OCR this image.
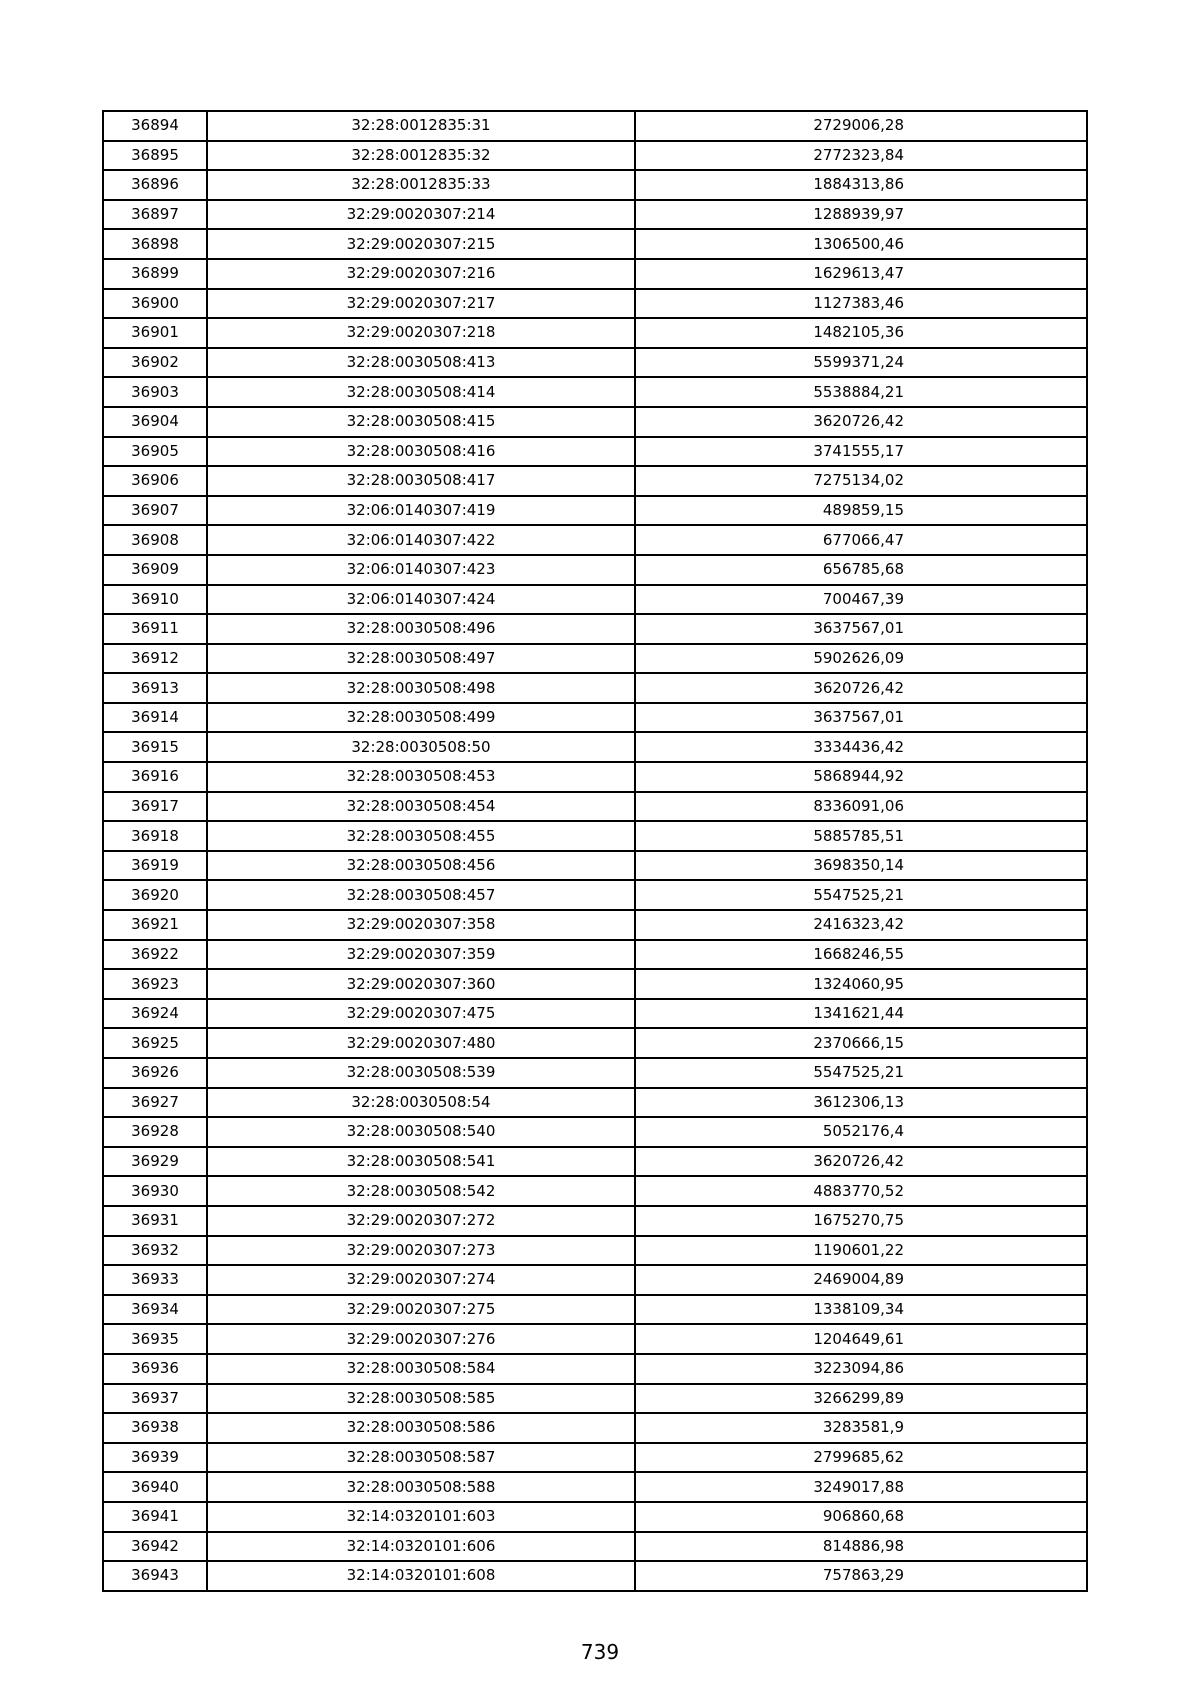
36894	32:28:0012835:31	2729006,28
36895	32:28:0012835:32	2772323,84
36896	32:28:0012835:33	1884313,86
36897	32:29:0020307:214	1288939,97
36898	32:29:0020307:215	1306500,46
36899	32:29:0020307:216	1629613,47
36900	32:29:0020307:217	1127383,46
36901	32:29:0020307:218	1482105,36
36902	32:28:0030508:413	5599371,24
36903	32:28:0030508:414	5538884,21
36904	32:28:0030508:415	3620726,42
36905	32:28:0030508:416	3741555,17
36906	32:28:0030508:417	7275134,02
36907	32:06:0140307:419	489859,15
36908	32:06:0140307:422	677066,47
36909	32:06:0140307:423	656785,68
36910	32:06:0140307:424	700467,39
36911	32:28:0030508:496	3637567,01
36912	32:28:0030508:497	5902626,09
36913	32:28:0030508:498	3620726,42
36914	32:28:0030508:499	3637567,01
36915	32:28:0030508:50	3334436,42
36916	32:28:0030508:453	5868944,92
36917	32:28:0030508:454	8336091,06
36918	32:28:0030508:455	5885785,51
36919	32:28:0030508:456	3698350,14
36920	32:28:0030508:457	5547525,21
36921	32:29:0020307:358	2416323,42
36922	32:29:0020307:359	1668246,55
36923	32:29:0020307:360	1324060,95
36924	32:29:0020307:475	1341621,44
36925	32:29:0020307:480	2370666,15
36926	32:28:0030508:539	5547525,21
36927	32:28:0030508:54	3612306,13
36928	32:28:0030508:540	5052176,4
36929	32:28:0030508:541	3620726,42
36930	32:28:0030508:542	4883770,52
36931	32:29:0020307:272	1675270,75
36932	32:29:0020307:273	1190601,22
36933	32:29:0020307:274	2469004,89
36934	32:29:0020307:275	1338109,34
36935	32:29:0020307:276	1204649,61
36936	32:28:0030508:584	3223094,86
36937	32:28:0030508:585	3266299,89
36938	32:28:0030508:586	3283581,9
36939	32:28:0030508:587	2799685,62
36940	32:28:0030508:588	3249017,88
36941	32:14:0320101:603	906860,68
36942	32:14:0320101:606	814886,98
36943	32:14:0320101:608	757863,29
739
